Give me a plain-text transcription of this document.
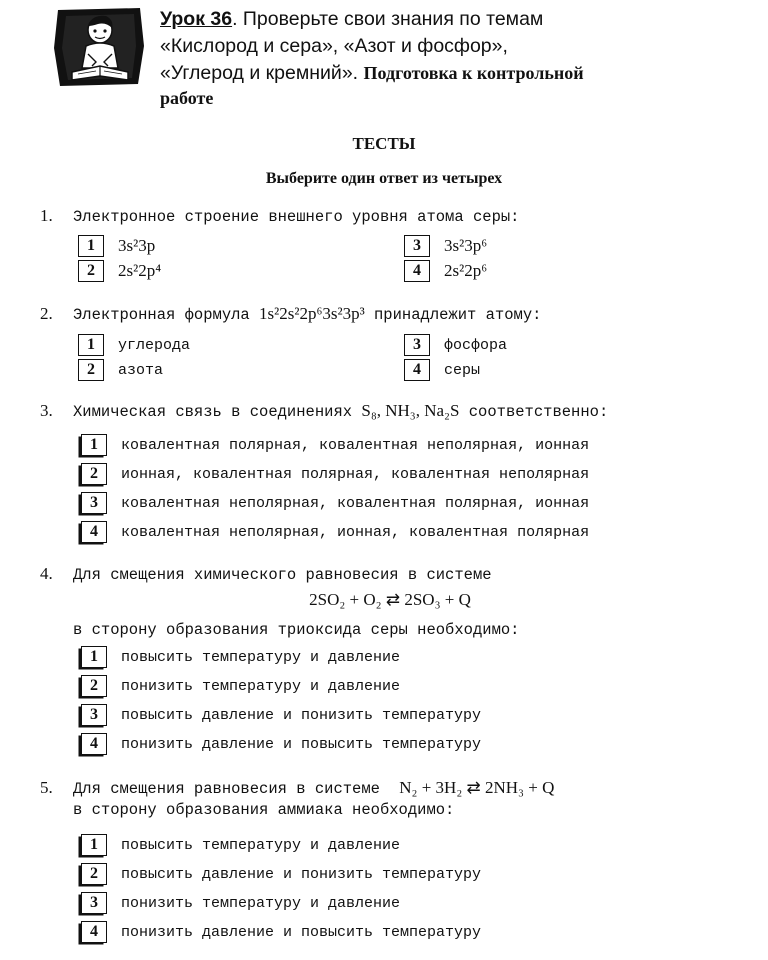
Урок 36. Проверьте свои знания по темам
«Кислород и сера», «Азот и фосфор»,
«Углерод и кремний». Подготовка к контрольной
работе
ТЕСТЫ
Выберите один ответ из четырех
1. Электронное строение внешнего уровня атома серы:
1	3s²3p
2	2s²2p⁴
3	3s²3p⁶
4	2s²2p⁶
2. Электронная формула 1s²2s²2p⁶3s²3p³ принадлежит атому:
1	углерода
2	азота
3	фосфора
4	серы
3. Химическая связь в соединениях S₈, NH₃, Na₂S соответственно:
1	ковалентная полярная, ковалентная неполярная, ионная
2	ионная, ковалентная полярная, ковалентная неполярная
3	ковалентная неполярная, ковалентная полярная, ионная
4	ковалентная неполярная, ионная, ковалентная полярная
4. Для смещения химического равновесия в системе
2SO₂ + O₂ ⇄ 2SO₃ + Q
в сторону образования триоксида серы необходимо:
1	повысить температуру и давление
2	понизить температуру и давление
3	повысить давление и понизить температуру
4	понизить давление и повысить температуру
5. Для смещения равновесия в системе N₂ + 3H₂ ⇄ 2NH₃ + Q
в сторону образования аммиака необходимо:
1	повысить температуру и давление
2	повысить давление и понизить температуру
3	понизить температуру и давление
4	понизить давление и повысить температуру
